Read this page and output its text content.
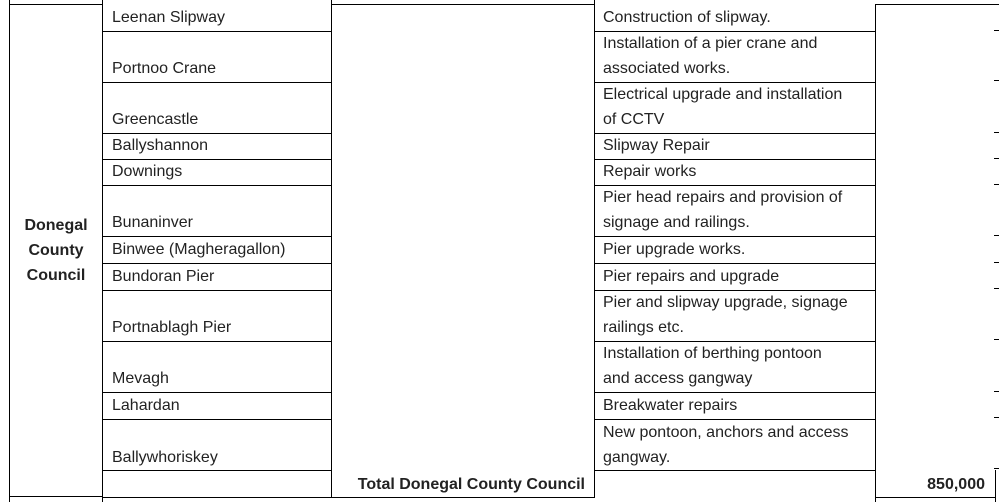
Donegal
County
Council
Leenan Slipway
Portnoo Crane
Greencastle
Ballyshannon
Downings
Bunaninver
Binwee (Magheragallon)
Bundoran Pier
Portnablagh Pier
Mevagh
Lahardan
Ballywhoriskey
Construction of slipway.
Installation of a pier crane and
associated works.
Electrical upgrade and installation
of CCTV
Slipway Repair
Repair works
Pier head repairs and provision of
signage and railings.
Pier upgrade works.
Pier repairs and upgrade
Pier and slipway upgrade, signage
railings etc.
Installation of berthing pontoon
and access gangway
Breakwater repairs
New pontoon, anchors and access
gangway.
Total Donegal County Council	850,000
